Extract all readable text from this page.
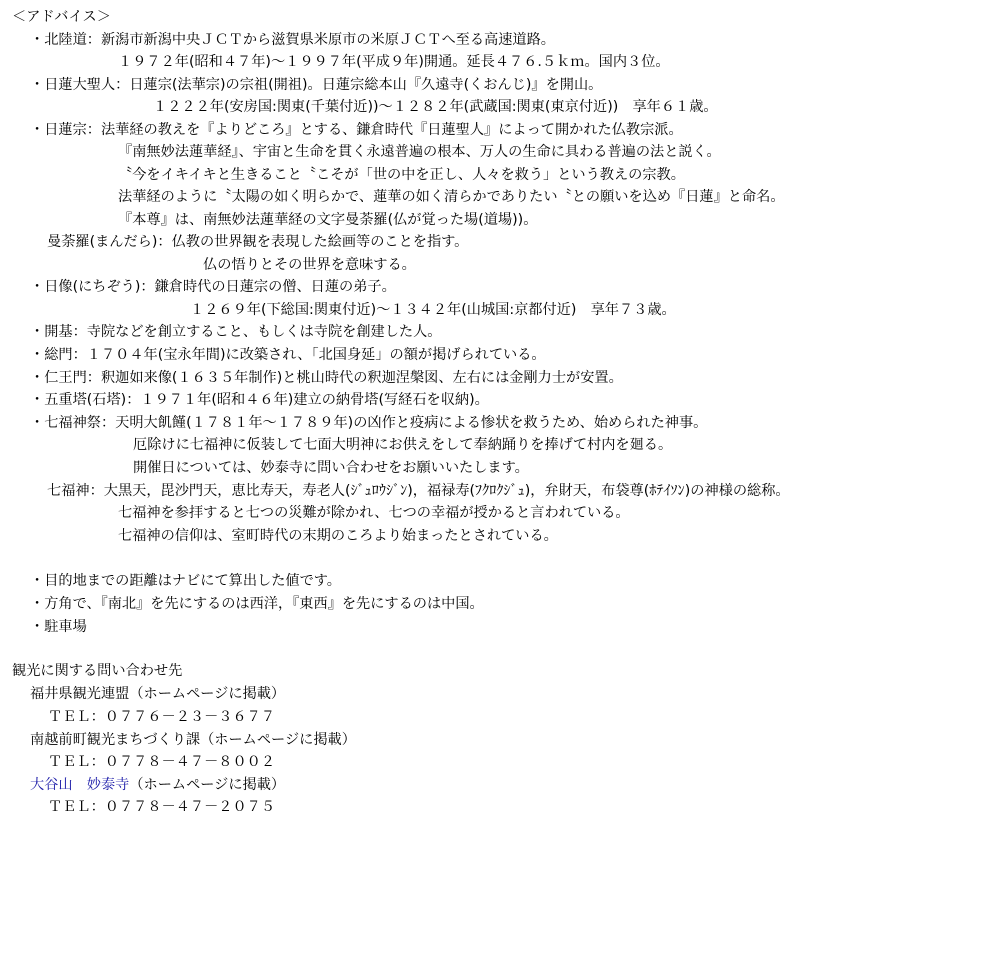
＜アドバイス＞
・北陸道：新潟市新潟中央ＪＣＴから滋賀県米原市の米原ＪＣＴへ至る高速道路。
１９７２年(昭和４７年)～１９９７年(平成９年)開通。延長４７６.５ｋｍ。国内３位。
・日蓮大聖人：日蓮宗(法華宗)の宗祖(開祖)。日蓮宗総本山『久遠寺(くおんじ)』を開山。
１２２２年(安房国:関東(千葉付近))～１２８２年(武蔵国:関東(東京付近))　享年６１歳。
・日蓮宗：法華経の教えを『よりどころ』とする、鎌倉時代『日蓮聖人』によって開かれた仏教宗派。
『南無妙法蓮華経』、宇宙と生命を貫く永遠普遍の根本、万人の生命に具わる普遍の法と説く。
〝今をイキイキと生きること〝こそが「世の中を正し、人々を救う」という教えの宗教。
法華経のように〝太陽の如く明らかで、蓮華の如く清らかでありたい〝との願いを込め『日蓮』と命名。
『本尊』は、南無妙法蓮華経の文字曼荼羅(仏が覚った場(道場))。
曼荼羅(まんだら)：仏教の世界観を表現した絵画等のことを指す。
仏の悟りとその世界を意味する。
・日像(にちぞう)：鎌倉時代の日蓮宗の僧、日蓮の弟子。
１２６９年(下総国:関東付近)～１３４２年(山城国:京都付近)　享年７３歳。
・開基：寺院などを創立すること、もしくは寺院を創建した人。
・総門：１７０４年(宝永年間)に改築され、「北国身延」の額が掲げられている。
・仁王門：釈迦如来像(１６３５年制作)と桃山時代の釈迦涅槃図、左右には金剛力士が安置。
・五重塔(石塔)：１９７１年(昭和４６年)建立の納骨塔(写経石を収納)。
・七福神祭：天明大飢饉(１７８１年～１７８９年)の凶作と疫病による惨状を救うため、始められた神事。
厄除けに七福神に仮装して七面大明神にお供えをして奉納踊りを捧げて村内を廻る。
開催日については、妙泰寺に問い合わせをお願いいたします。
七福神：大黒天，毘沙門天，恵比寿天，寿老人(ｼﾞｭﾛｳｼﾞﾝ)，福禄寿(ﾌｸﾛｸｼﾞｭ)，弁財天，布袋尊(ﾎﾃｲｿﾝ)の神様の総称。
七福神を参拝すると七つの災難が除かれ、七つの幸福が授かると言われている。
七福神の信仰は、室町時代の末期のころより始まったとされている。
・目的地までの距離はナビにて算出した値です。
・方角で、『南北』を先にするのは西洋，『東西』を先にするのは中国。
・駐車場
観光に関する問い合わせ先
福井県観光連盟（ホームページに掲載）
ＴＥＬ：０７７６－２３－３６７７
南越前町観光まちづくり課（ホームページに掲載）
ＴＥＬ：０７７８－４７－８００２
大谷山　妙泰寺（ホームページに掲載）
ＴＥＬ：０７７８－４７－２０７５
